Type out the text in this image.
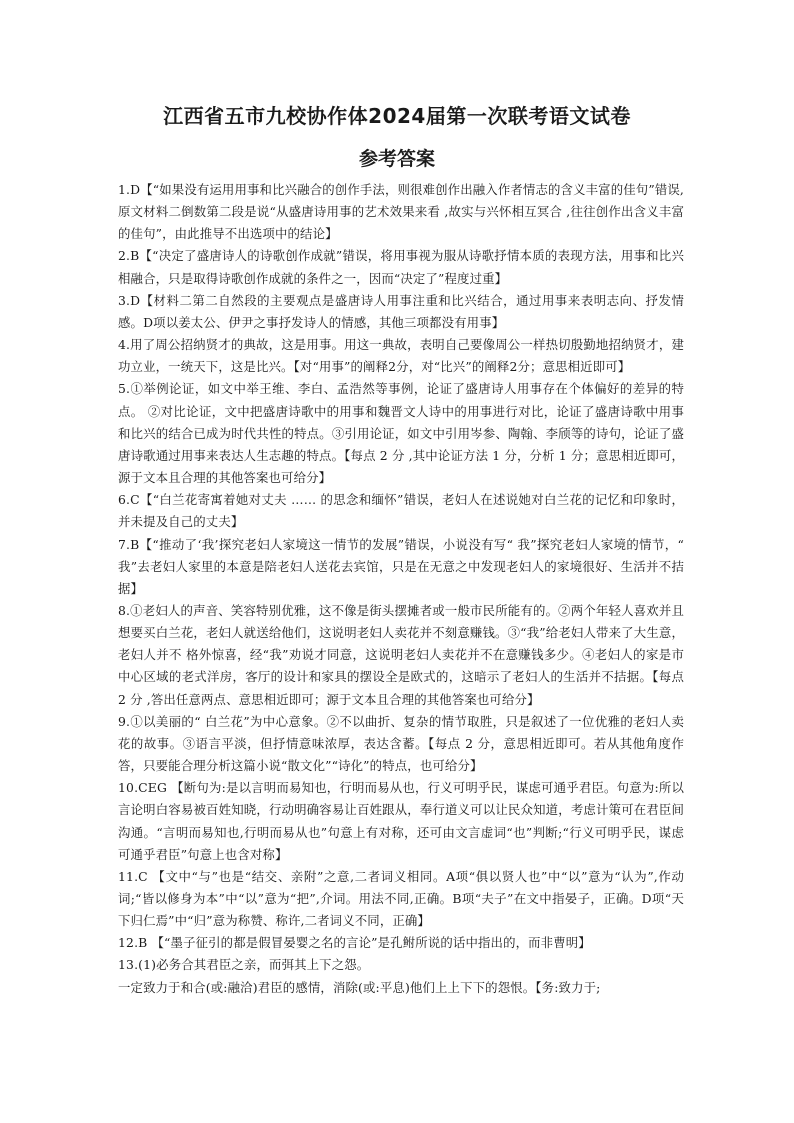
江西省五市九校协作体2024届第一次联考语文试卷
参考答案

1.D【“如果没有运用用事和比兴融合的创作手法，则很难创作出融入作者情志的含义丰富的佳句”错误,原文材料二倒数第二段是说“从盛唐诗用事的艺术效果来看 ,故实与兴怀相互冥合 ,往往创作出含义丰富的佳句”，由此推导不出选项中的结论】

2.B【“决定了盛唐诗人的诗歌创作成就”错误，将用事视为服从诗歌抒情本质的表现方法，用事和比兴相融合，只是取得诗歌创作成就的条件之一，因而“决定了”程度过重】

3.D【材料二第二自然段的主要观点是盛唐诗人用事注重和比兴结合，通过用事来表明志向、抒发情感。D项以姜太公、伊尹之事抒发诗人的情感，其他三项都没有用事】

4.用了周公招纳贤才的典故，这是用事。用这一典故，表明自己要像周公一样热切殷勤地招纳贤才，建功立业，一统天下，这是比兴。【对“用事”的阐释2分，对“比兴”的阐释2分；意思相近即可】

5.①举例论证，如文中举王维、李白、孟浩然等事例，论证了盛唐诗人用事存在个体偏好的差异的特点。 ②对比论证，文中把盛唐诗歌中的用事和魏晋文人诗中的用事进行对比，论证了盛唐诗歌中用事和比兴的结合已成为时代共性的特点。③引用论证，如文中引用岑参、陶翰、李颀等的诗句，论证了盛唐诗歌通过用事来表达人生志趣的特点。【每点 2 分 ,其中论证方法 1 分，分析 1 分；意思相近即可，源于文本且合理的其他答案也可给分】

6.C【“白兰花寄寓着她对丈夫 …… 的思念和缅怀”错误，老妇人在述说她对白兰花的记忆和印象时，并未提及自己的丈夫】

7.B【“推动了‘我’探究老妇人家境这一情节的发展”错误，小说没有写“ 我”探究老妇人家境的情节，“ 我”去老妇人家里的本意是陪老妇人送花去宾馆，只是在无意之中发现老妇人的家境很好、生活并不拮据】

8.①老妇人的声音、笑容特别优雅，这不像是街头摆摊者或一般市民所能有的。②两个年轻人喜欢并且想要买白兰花，老妇人就送给他们，这说明老妇人卖花并不刻意赚钱。③“我”给老妇人带来了大生意，老妇人并不 格外惊喜，经“我”劝说才同意，这说明老妇人卖花并不在意赚钱多少。④老妇人的家是市中心区域的老式洋房，客厅的设计和家具的摆设全是欧式的，这暗示了老妇人的生活并不拮据。【每点 2 分 ,答出任意两点、意思相近即可；源于文本且合理的其他答案也可给分】

9.①以美丽的“ 白兰花”为中心意象。②不以曲折、复杂的情节取胜，只是叙述了一位优雅的老妇人卖花的故事。③语言平淡，但抒情意味浓厚，表达含蓄。【每点 2 分，意思相近即可。若从其他角度作答，只要能合理分析这篇小说“散文化”“诗化”的特点，也可给分】

10.CEG 【断句为:是以言明而易知也，行明而易从也，行义可明乎民，谋虑可通乎君臣。句意为:所以言论明白容易被百姓知晓，行动明确容易让百姓跟从，奉行道义可以让民众知道，考虑计策可在君臣间沟通。“言明而易知也,行明而易从也”句意上有对称，还可由文言虚词“也”判断;“行义可明乎民，谋虑可通乎君臣”句意上也含对称】

11.C 【文中“与”也是“结交、亲附”之意,二者词义相同。A项“俱以贤人也”中“以”意为“认为”,作动词;“皆以修身为本”中“以”意为“把”,介词。用法不同,正确。B项“夫子”在文中指晏子，正确。D项“天下归仁焉”中“归”意为称赞、称许,二者词义不同，正确】

12.B 【“墨子征引的都是假冒晏婴之名的言论”是孔鲋所说的话中指出的，而非曹明】

13.(1)必务合其君臣之亲，而弭其上下之怨。

一定致力于和合(或:融洽)君臣的感情，消除(或:平息)他们上上下下的怨恨。【务:致力于;
